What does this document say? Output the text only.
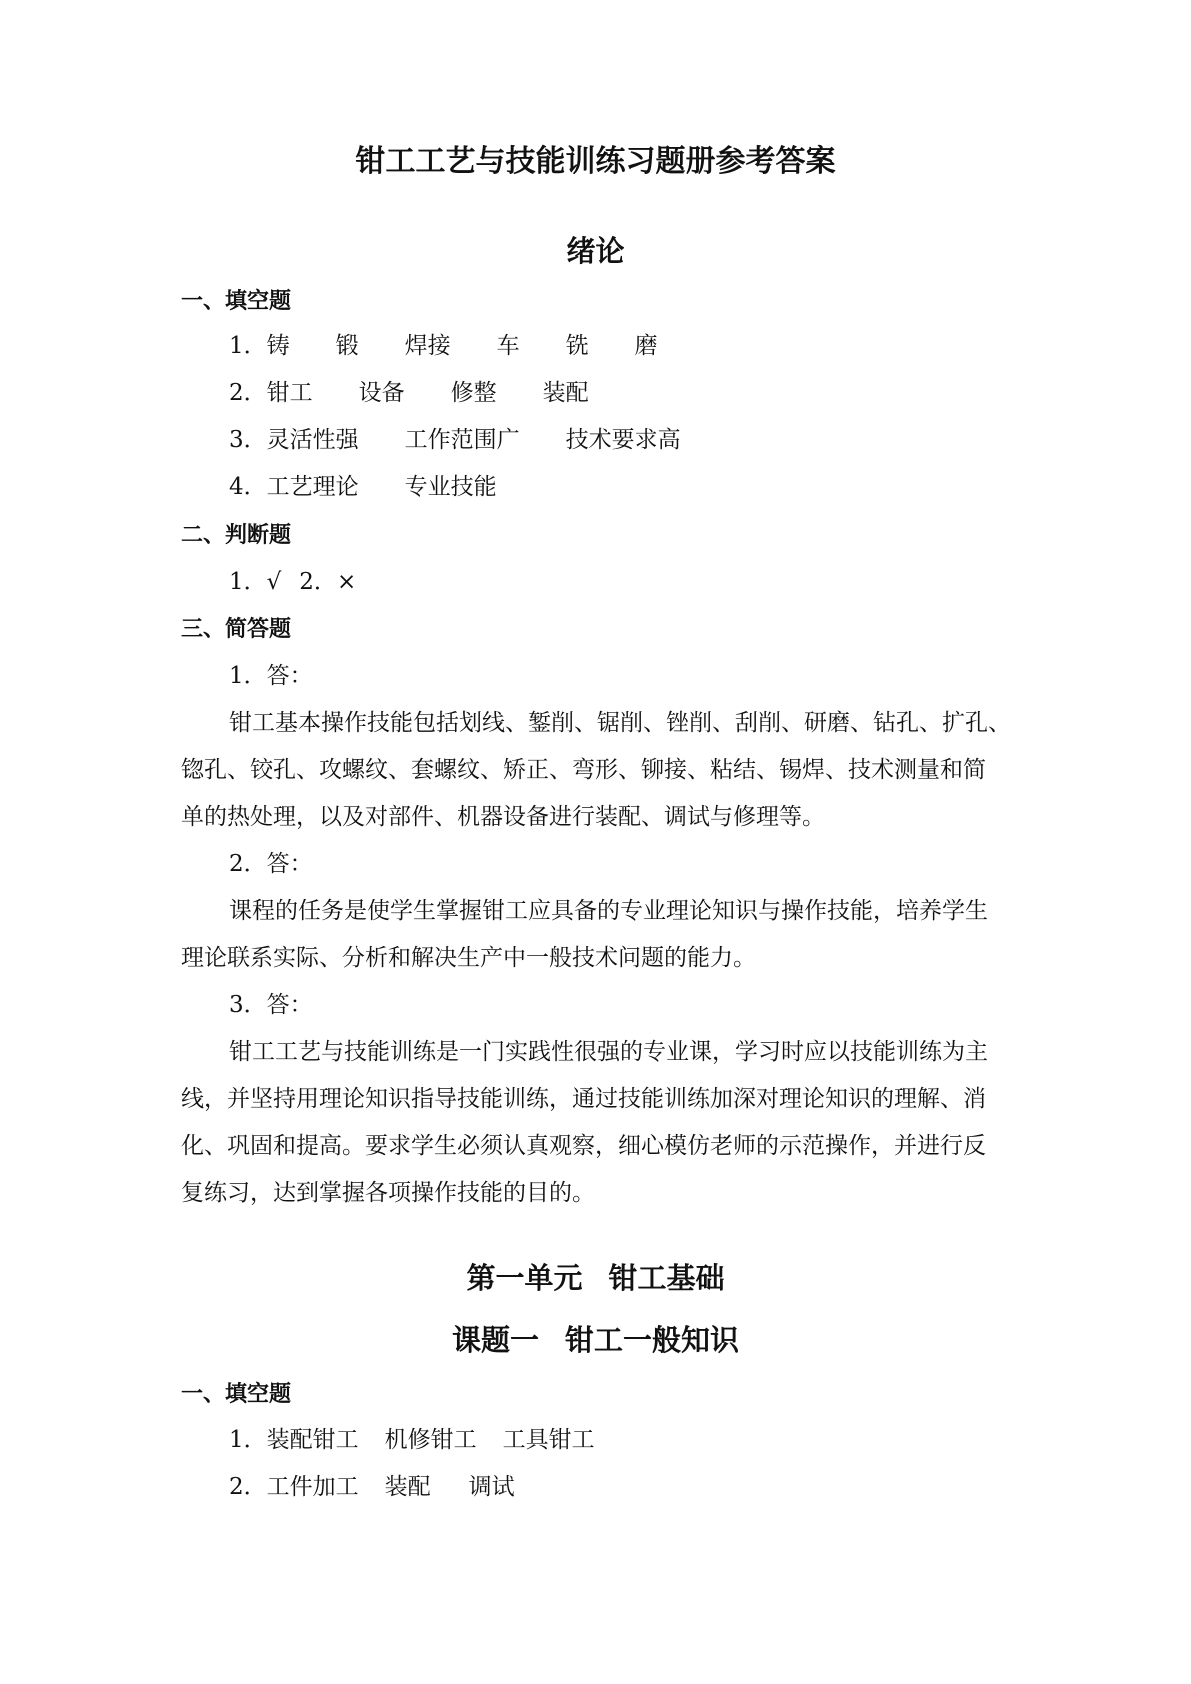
钳工工艺与技能训练习题册参考答案
绪论
一、填空题
1．铸 锻 焊接 车 铣 磨
2．钳工 设备 修整 装配
3．灵活性强 工作范围广 技术要求高
4．工艺理论 专业技能
二、判断题
1．√ 2．×
三、简答题
1．答：
钳工基本操作技能包括划线、錾削、锯削、锉削、刮削、研磨、钻孔、扩孔、
锪孔、铰孔、攻螺纹、套螺纹、矫正、弯形、铆接、粘结、锡焊、技术测量和简
单的热处理，以及对部件、机器设备进行装配、调试与修理等。
2．答：
课程的任务是使学生掌握钳工应具备的专业理论知识与操作技能，培养学生
理论联系实际、分析和解决生产中一般技术问题的能力。
3．答：
钳工工艺与技能训练是一门实践性很强的专业课，学习时应以技能训练为主
线，并坚持用理论知识指导技能训练，通过技能训练加深对理论知识的理解、消
化、巩固和提高。要求学生必须认真观察，细心模仿老师的示范操作，并进行反
复练习，达到掌握各项操作技能的目的。
第一单元 钳工基础
课题一 钳工一般知识
一、填空题
1．装配钳工 机修钳工 工具钳工
2．工件加工 装配 调试
